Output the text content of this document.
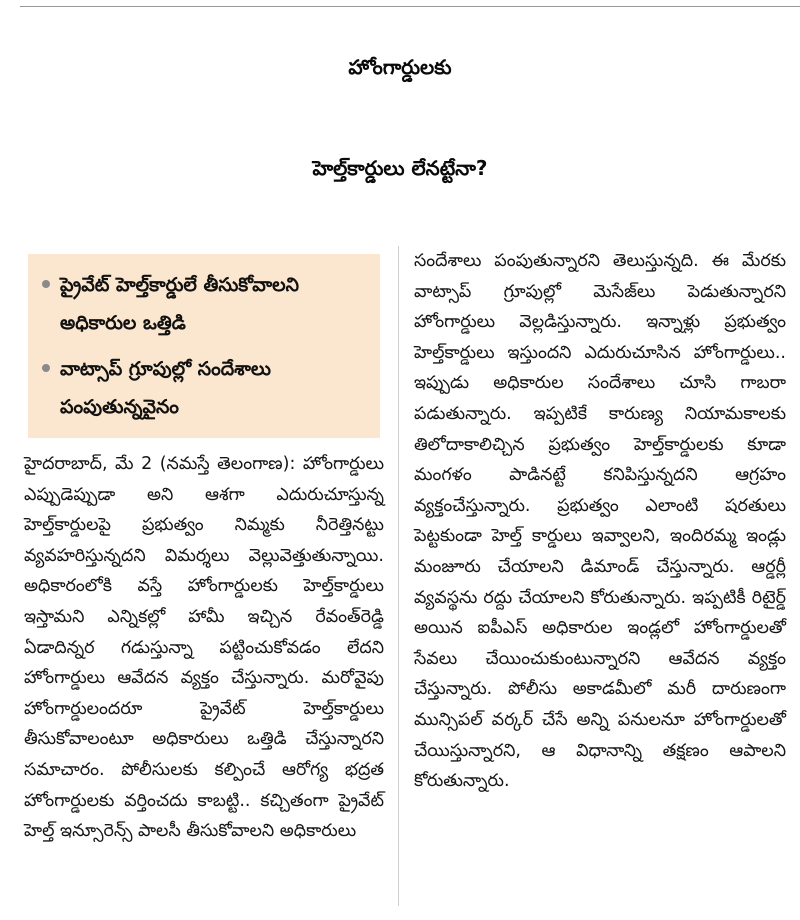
హోంగార్డులకు
హెల్త్‌కార్డులు లేనట్టేనా?
ప్రైవేట్ హెల్త్‌కార్డులే తీసుకోవాలని అధికారుల ఒత్తిడి
వాట్సాప్ గ్రూపుల్లో సందేశాలు పంపుతున్నవైనం

హైదరాబాద్, మే 2 (నమస్తే తెలంగాణ): హోంగార్డులు ఎప్పుడెప్పుడా అని ఆశగా ఎదురుచూస్తున్న హెల్త్‌కార్డులపై ప్రభుత్వం నిమ్మకు నీరెత్తినట్టు వ్యవహరిస్తున్నదని విమర్శలు వెల్లువెత్తుతున్నాయి. అధికారంలోకి వస్తే హోంగార్డులకు హెల్త్‌కార్డులు ఇస్తామని ఎన్నికల్లో హామీ ఇచ్చిన రేవంత్‌రెడ్డి ఏడాదిన్నర గడుస్తున్నా పట్టించుకోవడం లేదని హోంగార్డులు ఆవేదన వ్యక్తం చేస్తున్నారు. మరోవైపు హోంగార్డులందరూ ప్రైవేట్ హెల్త్‌కార్డులు తీసుకోవాలంటూ అధికారులు ఒత్తిడి చేస్తున్నారని సమాచారం. పోలీసులకు కల్పించే ఆరోగ్య భద్రత హోంగార్డులకు వర్తించదు కాబట్టి.. కచ్చితంగా ప్రైవేట్ హెల్త్ ఇన్సూరెన్స్ పాలసీ తీసుకోవాలని అధికారులు

సందేశాలు పంపుతున్నారని తెలుస్తున్నది. ఈ మేరకు వాట్సాప్ గ్రూపుల్లో మెసేజ్‌లు పెడుతున్నారని హోంగార్డులు వెల్లడిస్తున్నారు. ఇన్నాళ్లు ప్రభుత్వం హెల్త్‌కార్డులు ఇస్తుందని ఎదురుచూసిన హోంగార్డులు.. ఇప్పుడు అధికారుల సందేశాలు చూసి గాబరా పడుతున్నారు. ఇప్పటికే కారుణ్య నియామకాలకు తిలోదాకాలిచ్చిన ప్రభుత్వం హెల్త్‌కార్డులకు కూడా మంగళం పాడినట్టే కనిపిస్తున్నదని ఆగ్రహం వ్యక్తంచేస్తున్నారు. ప్రభుత్వం ఎలాంటి షరతులు పెట్టకుండా హెల్త్ కార్డులు ఇవ్వాలని, ఇందిరమ్మ ఇండ్లు మంజూరు చేయాలని డిమాండ్ చేస్తున్నారు. ఆర్డర్లీ వ్యవస్థను రద్దు చేయాలని కోరుతున్నారు. ఇప్పటికీ రిటైర్డ్ అయిన ఐపీఎస్ అధికారుల ఇండ్లలో హోంగార్డులతో సేవలు చేయించుకుంటున్నారని ఆవేదన వ్యక్తం చేస్తున్నారు. పోలీసు అకాడమీలో మరీ దారుణంగా మున్సిపల్ వర్కర్ చేసే అన్ని పనులనూ హోంగార్డులతో చేయిస్తున్నారని, ఆ విధానాన్ని తక్షణం ఆపాలని కోరుతున్నారు.
